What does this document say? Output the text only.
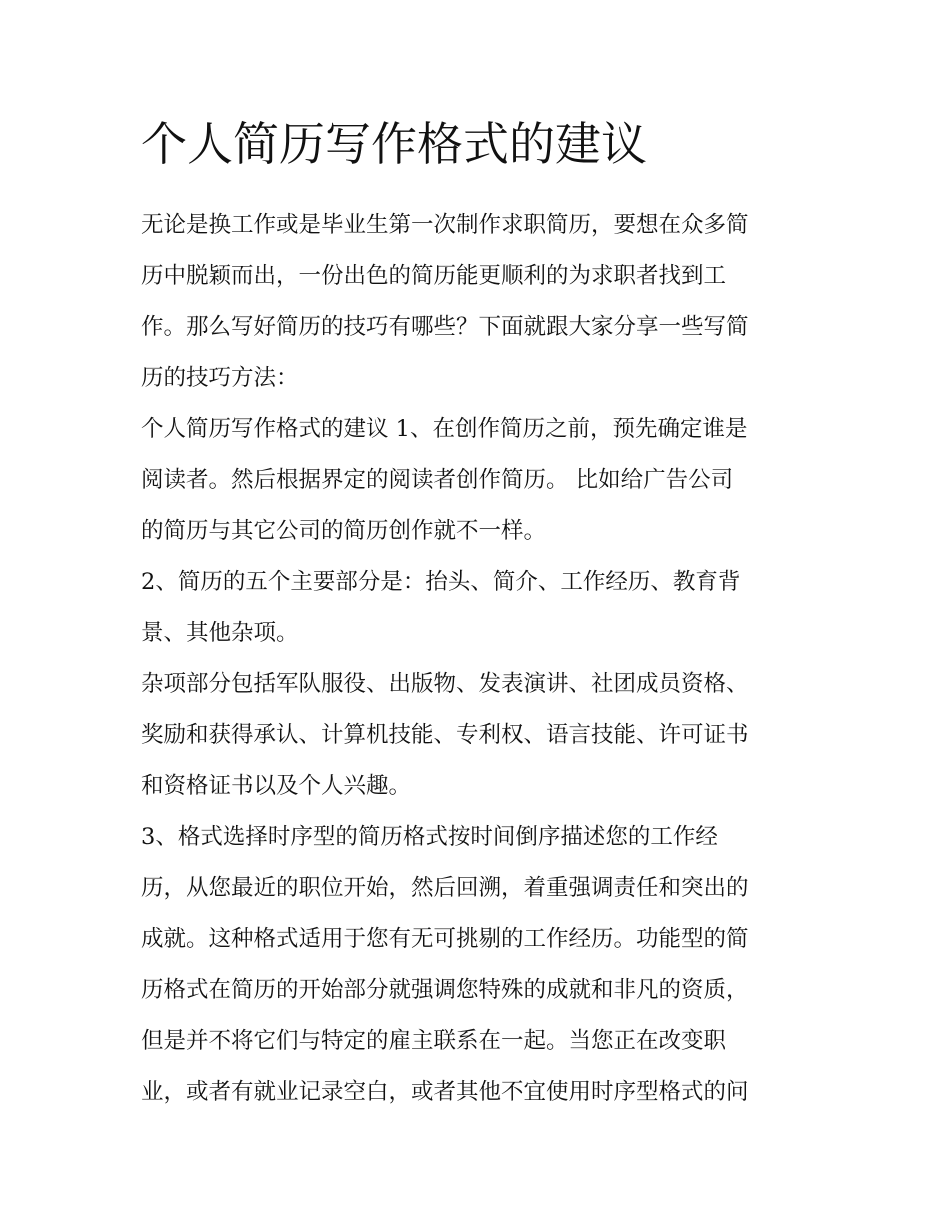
个人简历写作格式的建议
无论是换工作或是毕业生第一次制作求职简历，要想在众多简
历中脱颖而出，一份出色的简历能更顺利的为求职者找到工
作。那么写好简历的技巧有哪些？下面就跟大家分享一些写简
历的技巧方法：
个人简历写作格式的建议 1、在创作简历之前，预先确定谁是
阅读者。然后根据界定的阅读者创作简历。 比如给广告公司
的简历与其它公司的简历创作就不一样。
2、简历的五个主要部分是：抬头、简介、工作经历、教育背
景、其他杂项。
杂项部分包括军队服役、出版物、发表演讲、社团成员资格、
奖励和获得承认、计算机技能、专利权、语言技能、许可证书
和资格证书以及个人兴趣。
3、格式选择时序型的简历格式按时间倒序描述您的工作经
历，从您最近的职位开始，然后回溯，着重强调责任和突出的
成就。这种格式适用于您有无可挑剔的工作经历。功能型的简
历格式在简历的开始部分就强调您特殊的成就和非凡的资质，
但是并不将它们与特定的雇主联系在一起。当您正在改变职
业，或者有就业记录空白，或者其他不宜使用时序型格式的问
